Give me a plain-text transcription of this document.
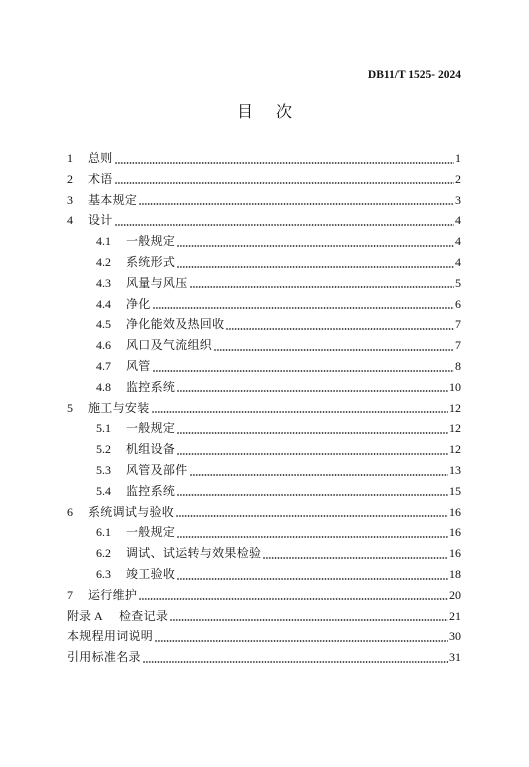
DB11/T 1525- 2024
目 次
1	总则	1
2	术语	2
3	基本规定	3
4	设计	4
4.1	一般规定	4
4.2	系统形式	4
4.3	风量与风压	5
4.4	净化	6
4.5	净化能效及热回收	7
4.6	风口及气流组织	7
4.7	风管	8
4.8	监控系统	10
5	施工与安装	12
5.1	一般规定	12
5.2	机组设备	12
5.3	风管及部件	13
5.4	监控系统	15
6	系统调试与验收	16
6.1	一般规定	16
6.2	调试、试运转与效果检验	16
6.3	竣工验收	18
7	运行维护	20
附录 A	检查记录	21
本规程用词说明	30
引用标准名录	31
